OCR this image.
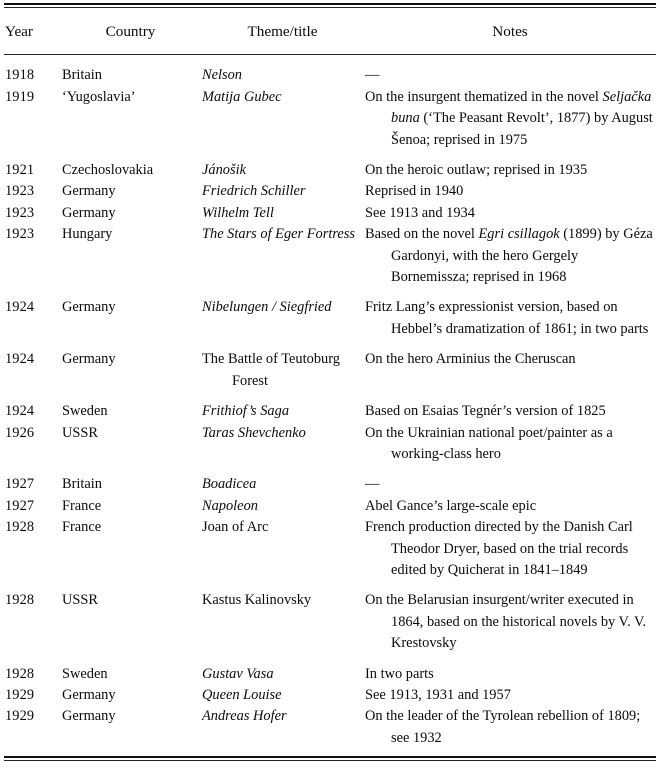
Year	Country	Theme/title	Notes

1918	Britain	Nelson	—

1919	‘Yugoslavia’	Matija Gubec	On the insurgent thematized in the novel Seljačka buna (‘The Peasant Revolt’, 1877) by August Šenoa; reprised in 1975

1921	Czechoslovakia	Jánošik	On the heroic outlaw; reprised in 1935

1923	Germany	Friedrich Schiller	Reprised in 1940

1923	Germany	Wilhelm Tell	See 1913 and 1934

1923	Hungary	The Stars of Eger Fortress	Based on the novel Egri csillagok (1899) by Géza Gardonyi, with the hero Gergely Bornemissza; reprised in 1968

1924	Germany	Nibelungen / Siegfried	Fritz Lang’s expressionist version, based on Hebbel’s dramatization of 1861; in two parts

1924	Germany	The Battle of Teutoburg Forest	On the hero Arminius the Cheruscan

1924	Sweden	Frithiof’s Saga	Based on Esaias Tegnér’s version of 1825

1926	USSR	Taras Shevchenko	On the Ukrainian national poet/painter as a working-class hero

1927	Britain	Boadicea	—

1927	France	Napoleon	Abel Gance’s large-scale epic

1928	France	Joan of Arc	French production directed by the Danish Carl Theodor Dryer, based on the trial records edited by Quicherat in 1841–1849

1928	USSR	Kastus Kalinovsky	On the Belarusian insurgent/writer executed in 1864, based on the historical novels by V. V. Krestovsky

1928	Sweden	Gustav Vasa	In two parts

1929	Germany	Queen Louise	See 1913, 1931 and 1957

1929	Germany	Andreas Hofer	On the leader of the Tyrolean rebellion of 1809; see 1932
